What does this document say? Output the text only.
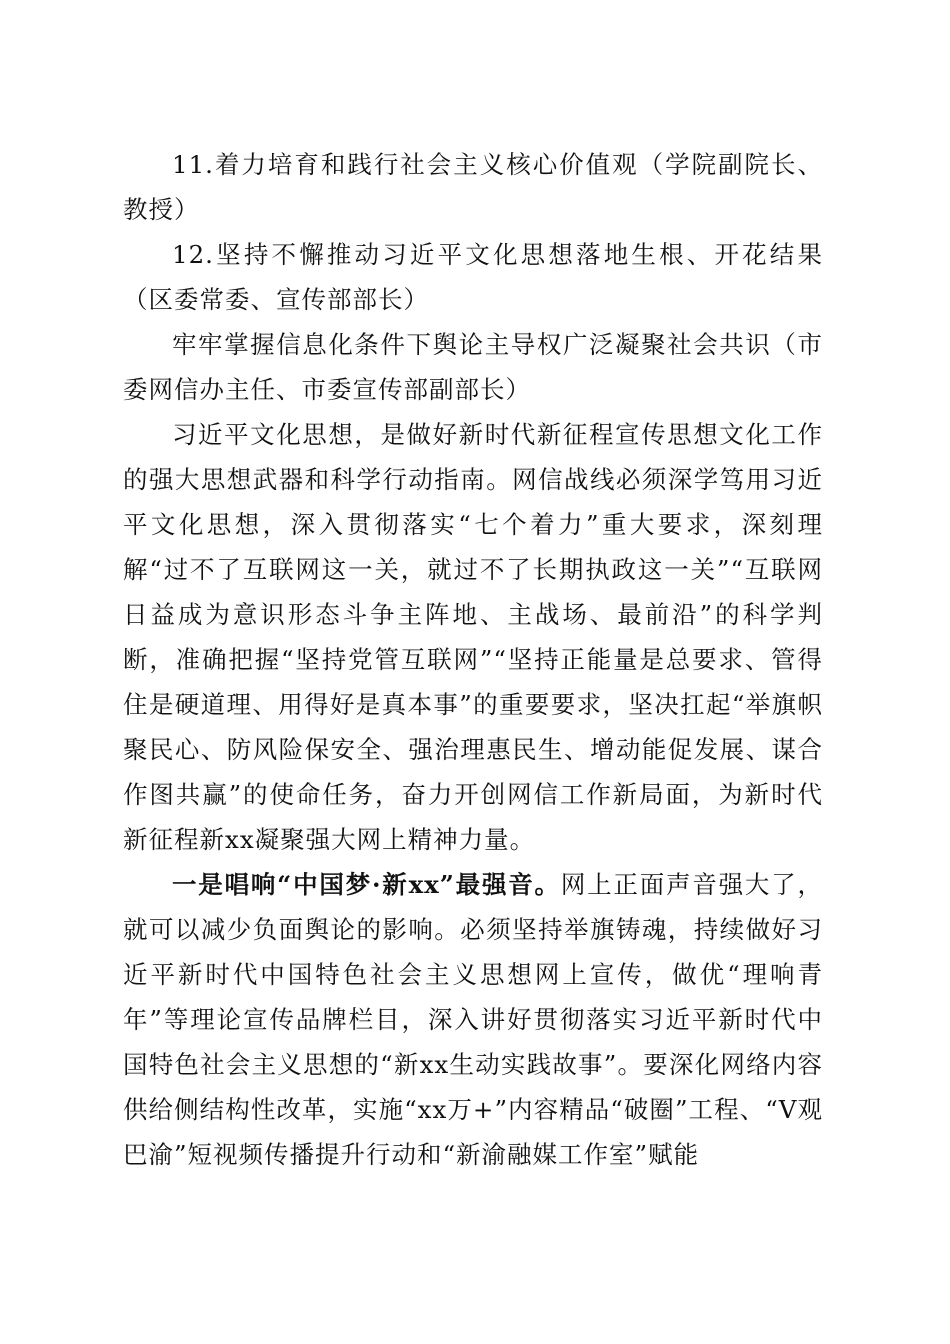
11.着力培育和践行社会主义核心价值观（学院副院长、教授）

12.坚持不懈推动习近平文化思想落地生根、开花结果（区委常委、宣传部部长）

牢牢掌握信息化条件下舆论主导权广泛凝聚社会共识（市委网信办主任、市委宣传部副部长）

习近平文化思想，是做好新时代新征程宣传思想文化工作的强大思想武器和科学行动指南。网信战线必须深学笃用习近平文化思想，深入贯彻落实“七个着力”重大要求，深刻理解“过不了互联网这一关，就过不了长期执政这一关”“互联网日益成为意识形态斗争主阵地、主战场、最前沿”的科学判断，准确把握“坚持党管互联网”“坚持正能量是总要求、管得住是硬道理、用得好是真本事”的重要要求，坚决扛起“举旗帜聚民心、防风险保安全、强治理惠民生、增动能促发展、谋合作图共赢”的使命任务，奋力开创网信工作新局面，为新时代新征程新xx凝聚强大网上精神力量。

一是唱响“中国梦·新xx”最强音。网上正面声音强大了，就可以减少负面舆论的影响。必须坚持举旗铸魂，持续做好习近平新时代中国特色社会主义思想网上宣传，做优“理响青年”等理论宣传品牌栏目，深入讲好贯彻落实习近平新时代中国特色社会主义思想的“新xx生动实践故事”。要深化网络内容供给侧结构性改革，实施“xx万+”内容精品“破圈”工程、“V观巴渝”短视频传播提升行动和“新渝融媒工作室”赋能
